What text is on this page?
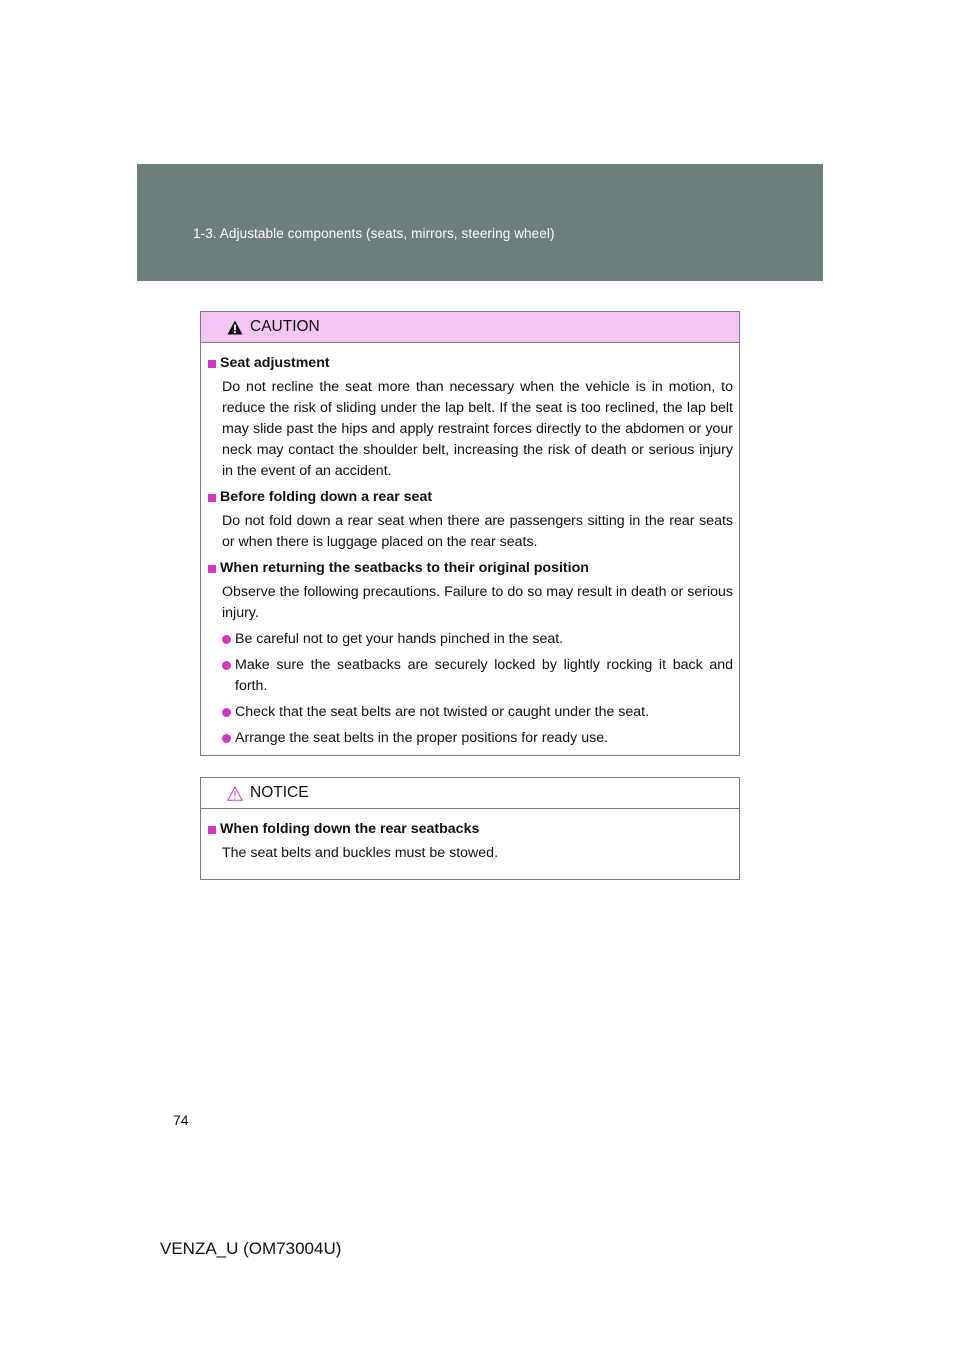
1-3. Adjustable components (seats, mirrors, steering wheel)
CAUTION
Seat adjustment
Do not recline the seat more than necessary when the vehicle is in motion, to reduce the risk of sliding under the lap belt. If the seat is too reclined, the lap belt may slide past the hips and apply restraint forces directly to the abdomen or your neck may contact the shoulder belt, increasing the risk of death or serious injury in the event of an accident.
Before folding down a rear seat
Do not fold down a rear seat when there are passengers sitting in the rear seats or when there is luggage placed on the rear seats.
When returning the seatbacks to their original position
Observe the following precautions. Failure to do so may result in death or serious injury.
Be careful not to get your hands pinched in the seat.
Make sure the seatbacks are securely locked by lightly rocking it back and forth.
Check that the seat belts are not twisted or caught under the seat.
Arrange the seat belts in the proper positions for ready use.
NOTICE
When folding down the rear seatbacks
The seat belts and buckles must be stowed.
74
VENZA_U (OM73004U)
